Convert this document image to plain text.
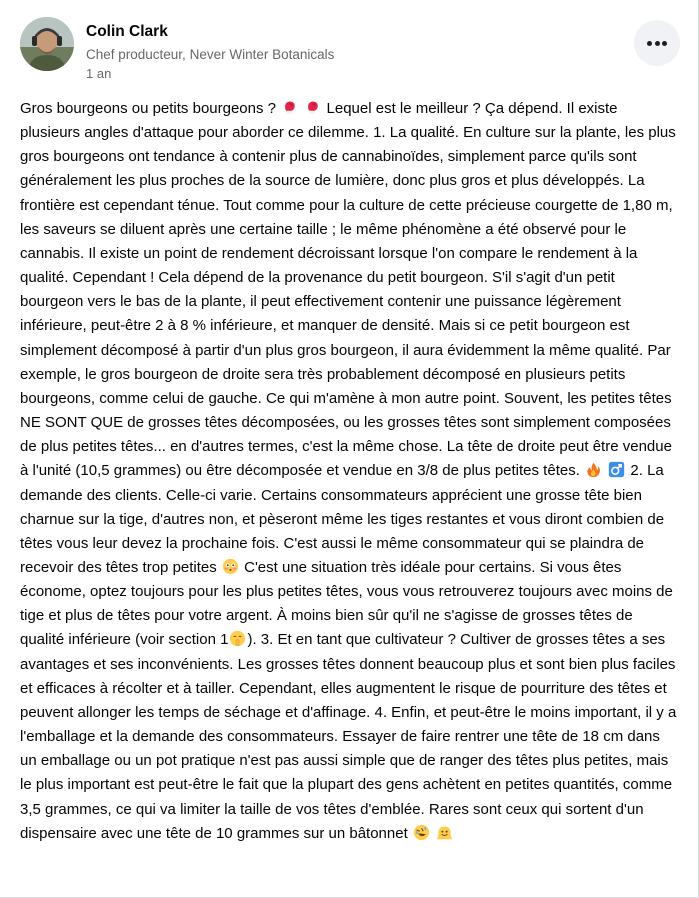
Colin Clark
Chef producteur, Never Winter Botanicals
1 an

Gros bourgeons ou petits bourgeons ?
	Lequel est le meilleur ? Ça dépend. Il existe plusieurs angles d'attaque pour aborder ce dilemme. 1. La qualité. En culture sur la plante, les plus gros bourgeons ont tendance à contenir plus de cannabinoïdes, simplement parce qu'ils sont généralement les plus proches de la source de lumière, donc plus gros et plus développés. La frontière est cependant ténue. Tout comme pour la culture de cette précieuse courgette de 1,80 m, les saveurs se diluent après une certaine taille ; le même phénomène a été observé pour le cannabis. Il existe un point de rendement décroissant lorsque l'on compare le rendement à la qualité. Cependant ! Cela dépend de la provenance du petit bourgeon. S'il s'agit d'un petit bourgeon vers le bas de la plante, il peut effectivement contenir une puissance légèrement inférieure, peut-être 2 à 8 % inférieure, et manquer de densité. Mais si ce petit bourgeon est simplement décomposé à partir d'un plus gros bourgeon, il aura évidemment la même qualité. Par exemple, le gros bourgeon de droite sera très probablement décomposé en plusieurs petits bourgeons, comme celui de gauche. Ce qui m'amène à mon autre point. Souvent, les petites têtes NE SONT QUE de grosses têtes décomposées, ou les grosses têtes sont simplement composées de plus petites têtes... en d'autres termes, c'est la même chose. La tête de droite peut être vendue à l'unité (10,5 grammes) ou être décomposée et vendue en 3/8 de plus petites têtes.
	2. La demande des clients. Celle-ci varie. Certains consommateurs apprécient une grosse tête bien charnue sur la tige, d'autres non, et pèseront même les tiges restantes et vous diront combien de têtes vous leur devez la prochaine fois. C'est aussi le même consommateur qui se plaindra de recevoir des têtes trop petites
C'est une situation très idéale pour certains. Si vous êtes économe, optez toujours pour les plus petites têtes, vous vous retrouverez toujours avec moins de tige et plus de têtes pour votre argent. À moins bien sûr qu'il ne s'agisse de grosses têtes de qualité inférieure (voir section 1 ). 3. Et en tant que cultivateur ? Cultiver de grosses têtes a ses avantages et ses inconvénients. Les grosses têtes donnent beaucoup plus et sont bien plus faciles et efficaces à récolter et à tailler. Cependant, elles augmentent le risque de pourriture des têtes et peuvent allonger les temps de séchage et d'affinage. 4. Enfin, et peut-être le moins important, il y a l'emballage et la demande des consommateurs. Essayer de faire rentrer une tête de 18 cm dans un emballage ou un pot pratique n'est pas aussi simple que de ranger des têtes plus petites, mais le plus important est peut-être le fait que la plupart des gens achètent en petites quantités, comme 3,5 grammes, ce qui va limiter la taille de vos têtes d'emblée. Rares sont ceux qui sortent d'un dispensaire avec une tête de 10 grammes sur un bâtonnet
